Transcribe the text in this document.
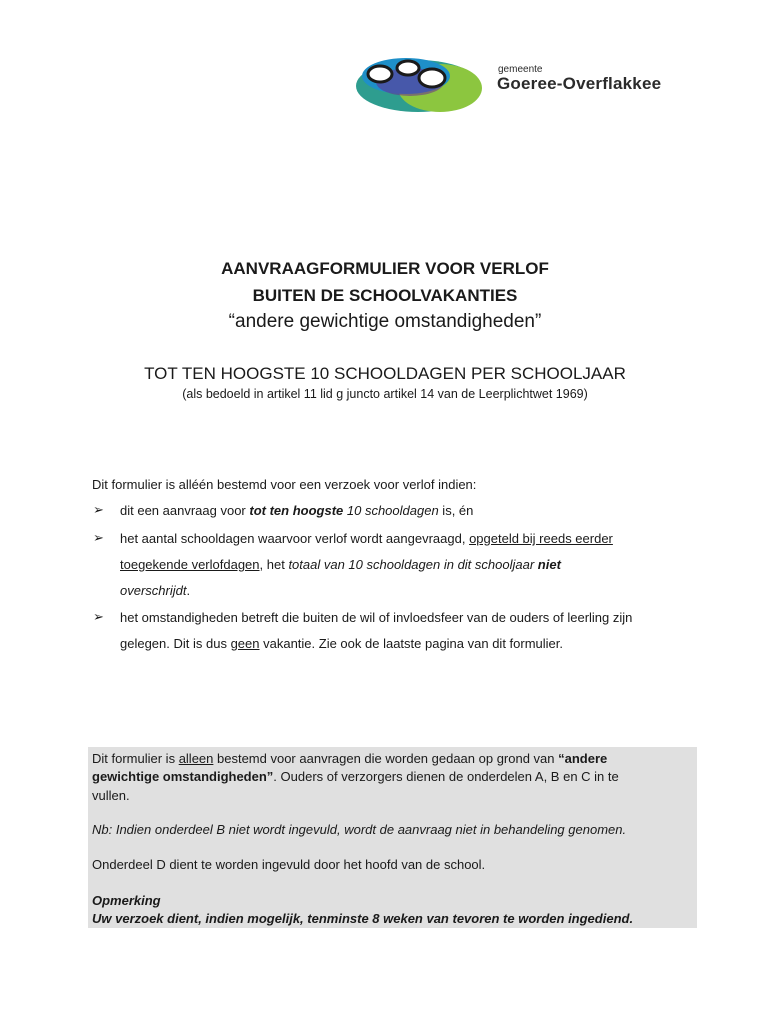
gemeente
Goeree-Overflakkee
AANVRAAGFORMULIER VOOR VERLOF
BUITEN DE SCHOOLVAKANTIES
“andere gewichtige omstandigheden”
TOT TEN HOOGSTE 10 SCHOOLDAGEN PER SCHOOLJAAR
(als bedoeld in artikel 11 lid g juncto artikel 14 van de Leerplichtwet 1969)
Dit formulier is alléén bestemd voor een verzoek voor verlof indien:
➢ dit een aanvraag voor tot ten hoogste 10 schooldagen is, én
➢ het aantal schooldagen waarvoor verlof wordt aangevraagd, opgeteld bij reeds eerder
toegekende verlofdagen, het totaal van 10 schooldagen in dit schooljaar niet
overschrijdt.
➢ het omstandigheden betreft die buiten de wil of invloedsfeer van de ouders of leerling zijn
gelegen. Dit is dus geen vakantie. Zie ook de laatste pagina van dit formulier.
Dit formulier is alleen bestemd voor aanvragen die worden gedaan op grond van “andere
gewichtige omstandigheden”. Ouders of verzorgers dienen de onderdelen A, B en C in te
vullen.
Nb: Indien onderdeel B niet wordt ingevuld, wordt de aanvraag niet in behandeling genomen.
Onderdeel D dient te worden ingevuld door het hoofd van de school.
Opmerking
Uw verzoek dient, indien mogelijk, tenminste 8 weken van tevoren te worden ingediend.
